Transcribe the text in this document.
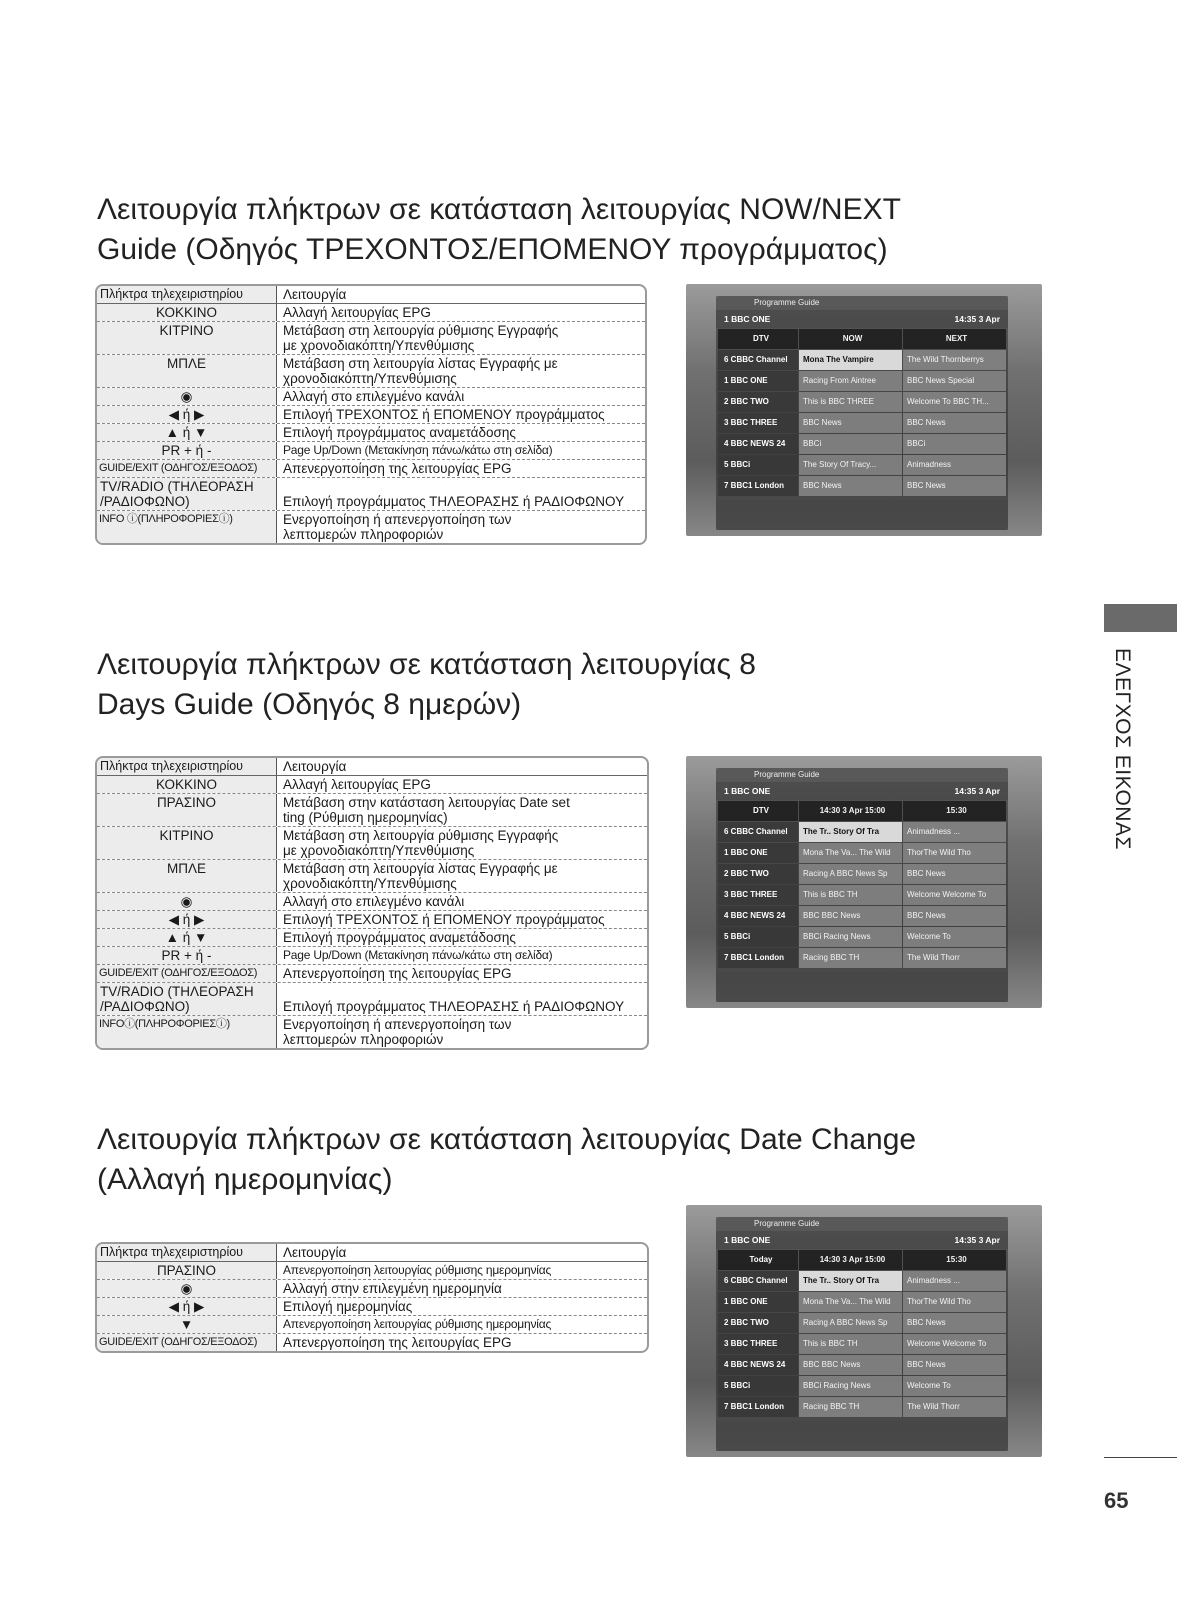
Λειτουργία πλήκτρων σε κατάσταση λειτουργίας NOW/NEXT
Guide (Οδηγός ΤΡΕΧΟΝΤΟΣ/ΕΠΟΜΕΝΟΥ προγράμματος)
Λειτουργία πλήκτρων σε κατάσταση λειτουργίας 8
Days Guide (Οδηγός 8 ημερών)
Λειτουργία πλήκτρων σε κατάσταση λειτουργίας Date Change
(Αλλαγή ημερομηνίας)
Πλήκτρα τηλεχειριστηρίου	Λειτουργία
ΚΟΚΚΙΝΟ	Αλλαγή λειτουργίας EPG
ΚΙΤΡΙΝΟ	Μετάβαση στη λειτουργία ρύθμισης Εγγραφής
με χρονοδιακόπτη/Υπενθύμισης
ΜΠΛΕ	Μετάβαση στη λειτουργία λίστας Εγγραφής με
χρονοδιακόπτη/Υπενθύμισης
◉	Αλλαγή στο επιλεγμένο κανάλι
◀ ή ▶	Επιλογή ΤΡΕΧΟΝΤΟΣ ή ΕΠΟΜΕΝΟΥ προγράμματος
▲ ή ▼	Επιλογή προγράμματος αναμετάδοσης
PR + ή -	Page Up/Down (Μετακίνηση πάνω/κάτω στη σελίδα)
GUIDE/EXIT (ΟΔΗΓΟΣ/ΕΞΟΔΟΣ)	Απενεργοποίηση της λειτουργίας EPG
TV/RADIO (ΤΗΛΕΟΡΑΣΗ
/ΡΑΔΙΟΦΩΝΟ)	Επιλογή προγράμματος ΤΗΛΕΟΡΑΣΗΣ ή ΡΑΔΙΟΦΩΝΟΥ
INFO ⓘ(ΠΛΗΡΟΦΟΡΙΕΣⓘ)	Ενεργοποίηση ή απενεργοποίηση των
λεπτομερών πληροφοριών
Πλήκτρα τηλεχειριστηρίου	Λειτουργία
ΚΟΚΚΙΝΟ	Αλλαγή λειτουργίας EPG
ΠΡΑΣΙΝΟ	Μετάβαση στην κατάσταση λειτουργίας Date set
ting (Ρύθμιση ημερομηνίας)
ΚΙΤΡΙΝΟ	Μετάβαση στη λειτουργία ρύθμισης Εγγραφής
με χρονοδιακόπτη/Υπενθύμισης
ΜΠΛΕ	Μετάβαση στη λειτουργία λίστας Εγγραφής με
χρονοδιακόπτη/Υπενθύμισης
◉	Αλλαγή στο επιλεγμένο κανάλι
◀ ή ▶	Επιλογή ΤΡΕΧΟΝΤΟΣ ή ΕΠΟΜΕΝΟΥ προγράμματος
▲ ή ▼	Επιλογή προγράμματος αναμετάδοσης
PR + ή -	Page Up/Down (Μετακίνηση πάνω/κάτω στη σελίδα)
GUIDE/EXIT (ΟΔΗΓΟΣ/ΕΞΟΔΟΣ)	Απενεργοποίηση της λειτουργίας EPG
TV/RADIO (ΤΗΛΕΟΡΑΣΗ
/ΡΑΔΙΟΦΩΝΟ)	Επιλογή προγράμματος ΤΗΛΕΟΡΑΣΗΣ ή ΡΑΔΙΟΦΩΝΟΥ
INFOⓘ(ΠΛΗΡΟΦΟΡΙΕΣⓘ)	Ενεργοποίηση ή απενεργοποίηση των
λεπτομερών πληροφοριών
Πλήκτρα τηλεχειριστηρίου	Λειτουργία
ΠΡΑΣΙΝΟ	Απενεργοποίηση λειτουργίας ρύθμισης ημερομηνίας
◉	Αλλαγή στην επιλεγμένη ημερομηνία
◀ ή ▶	Επιλογή ημερομηνίας
▼	Απενεργοποίηση λειτουργίας ρύθμισης ημερομηνίας
GUIDE/EXIT (ΟΔΗΓΟΣ/ΕΞΟΔΟΣ)	Απενεργοποίηση της λειτουργίας EPG
Programme Guide
1 BBC ONE	14:35 3 Apr
DTV	NOW	NEXT
6 CBBC Channel	Mona The Vampire	The Wild Thornberrys
1 BBC ONE	Racing From Aintree	BBC News Special
2 BBC TWO	This is BBC THREE	Welcome To BBC TH...
3 BBC THREE	BBC News	BBC News
4 BBC NEWS 24	BBCi	BBCi
5 BBCi	The Story Of Tracy...	Animadness
7 BBC1 London	BBC News	BBC News
Programme Guide
1 BBC ONE	14:35 3 Apr
DTV	14:30 3 Apr 15:00	15:30
6 CBBC Channel	The Tr.. Story Of Tra	Animadness ...
1 BBC ONE	Mona The Va... The Wild	ThorThe Wild Tho
2 BBC TWO	Racing A BBC News Sp	BBC News
3 BBC THREE	This is BBC TH	Welcome Welcome To
4 BBC NEWS 24	BBC BBC News	BBC News
5 BBCi	BBCi Racing News	Welcome To
7 BBC1 London	Racing BBC TH	The Wild Thorr
Programme Guide
1 BBC ONE	14:35 3 Apr
Today	14:30 3 Apr 15:00	15:30
6 CBBC Channel	The Tr.. Story Of Tra	Animadness ...
1 BBC ONE	Mona The Va... The Wild	ThorThe Wild Tho
2 BBC TWO	Racing A BBC News Sp	BBC News
3 BBC THREE	This is BBC TH	Welcome Welcome To
4 BBC NEWS 24	BBC BBC News	BBC News
5 BBCi	BBCi Racing News	Welcome To
7 BBC1 London	Racing BBC TH	The Wild Thorr
ΕΛΕΓΧΟΣ ΕΙΚΟΝΑΣ
65
